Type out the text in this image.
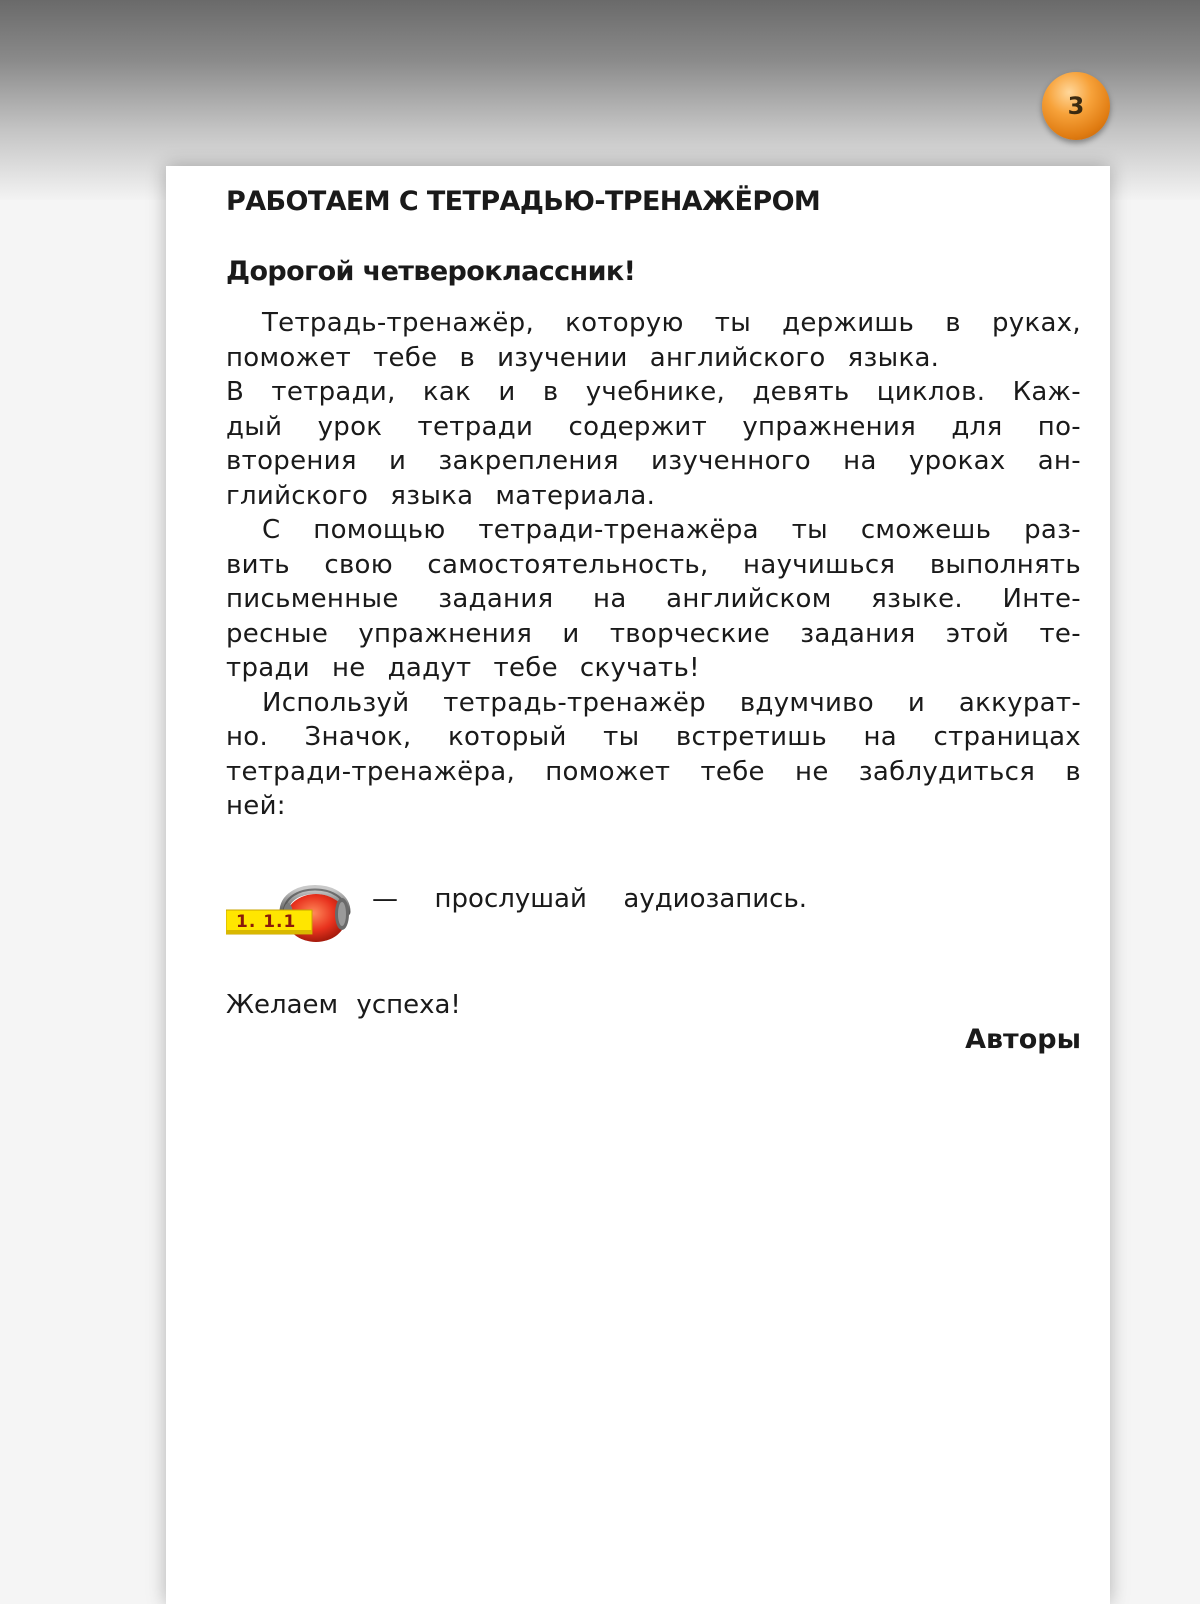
3
РАБОТАЕМ С ТЕТРАДЬЮ-ТРЕНАЖЁРОМ
Дорогой четвероклассник!
Тетрадь-тренажёр, которую ты держишь в руках,
поможет тебе в изучении английского языка.
В тетради, как и в учебнике, девять циклов. Каж-
дый урок тетради содержит упражнения для по-
вторения и закрепления изученного на уроках ан-
глийского языка материала.
С помощью тетради-тренажёра ты сможешь раз-
вить свою самостоятельность, научишься выполнять
письменные задания на английском языке. Инте-
ресные упражнения и творческие задания этой те-
тради не дадут тебе скучать!
Используй тетрадь-тренажёр вдумчиво и аккурат-
но. Значок, который ты встретишь на страницах
тетради-тренажёра, поможет тебе не заблудиться в
ней:
1. 1.1
—  прослушай  аудиозапись.
Желаем успеха!
Авторы
